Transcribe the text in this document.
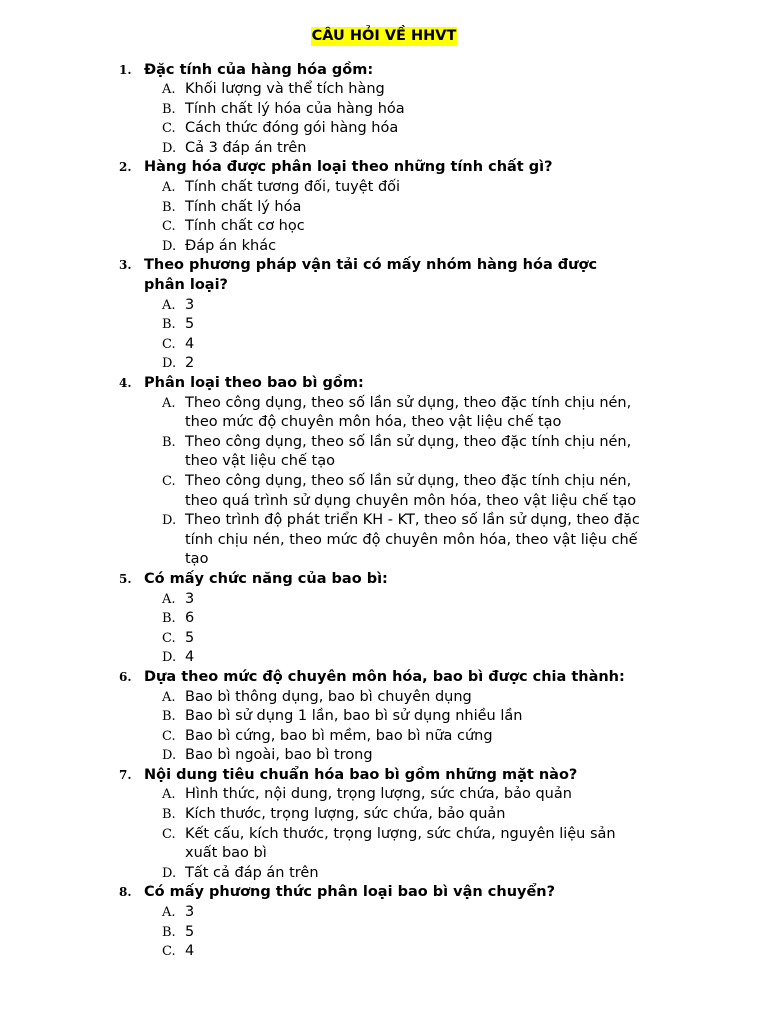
CÂU HỎI VỀ HHVT
1. Đặc tính của hàng hóa gồm:
A. Khối lượng và thể tích hàng
B. Tính chất lý hóa của hàng hóa
C. Cách thức đóng gói hàng hóa
D. Cả 3 đáp án trên
2. Hàng hóa được phân loại theo những tính chất gì?
A. Tính chất tương đối, tuyệt đối
B. Tính chất lý hóa
C. Tính chất cơ học
D. Đáp án khác
3. Theo phương pháp vận tải có mấy nhóm hàng hóa được
phân loại?
A. 3
B. 5
C. 4
D. 2
4. Phân loại theo bao bì gồm:
A. Theo công dụng, theo số lần sử dụng, theo đặc tính chịu nén,
theo mức độ chuyên môn hóa, theo vật liệu chế tạo
B. Theo công dụng, theo số lần sử dụng, theo đặc tính chịu nén,
theo vật liệu chế tạo
C. Theo công dụng, theo số lần sử dụng, theo đặc tính chịu nén,
theo quá trình sử dụng chuyên môn hóa, theo vật liệu chế tạo
D. Theo trình độ phát triển KH - KT, theo số lần sử dụng, theo đặc
tính chịu nén, theo mức độ chuyên môn hóa, theo vật liệu chế
tạo
5. Có mấy chức năng của bao bì:
A. 3
B. 6
C. 5
D. 4
6. Dựa theo mức độ chuyên môn hóa, bao bì được chia thành:
A. Bao bì thông dụng, bao bì chuyên dụng
B. Bao bì sử dụng 1 lần, bao bì sử dụng nhiều lần
C. Bao bì cứng, bao bì mềm, bao bì nữa cứng
D. Bao bì ngoài, bao bì trong
7. Nội dung tiêu chuẩn hóa bao bì gồm những mặt nào?
A. Hình thức, nội dung, trọng lượng, sức chứa, bảo quản
B. Kích thước, trọng lượng, sức chứa, bảo quản
C. Kết cấu, kích thước, trọng lượng, sức chứa, nguyên liệu sản
xuất bao bì
D. Tất cả đáp án trên
8. Có mấy phương thức phân loại bao bì vận chuyển?
A. 3
B. 5
C. 4
